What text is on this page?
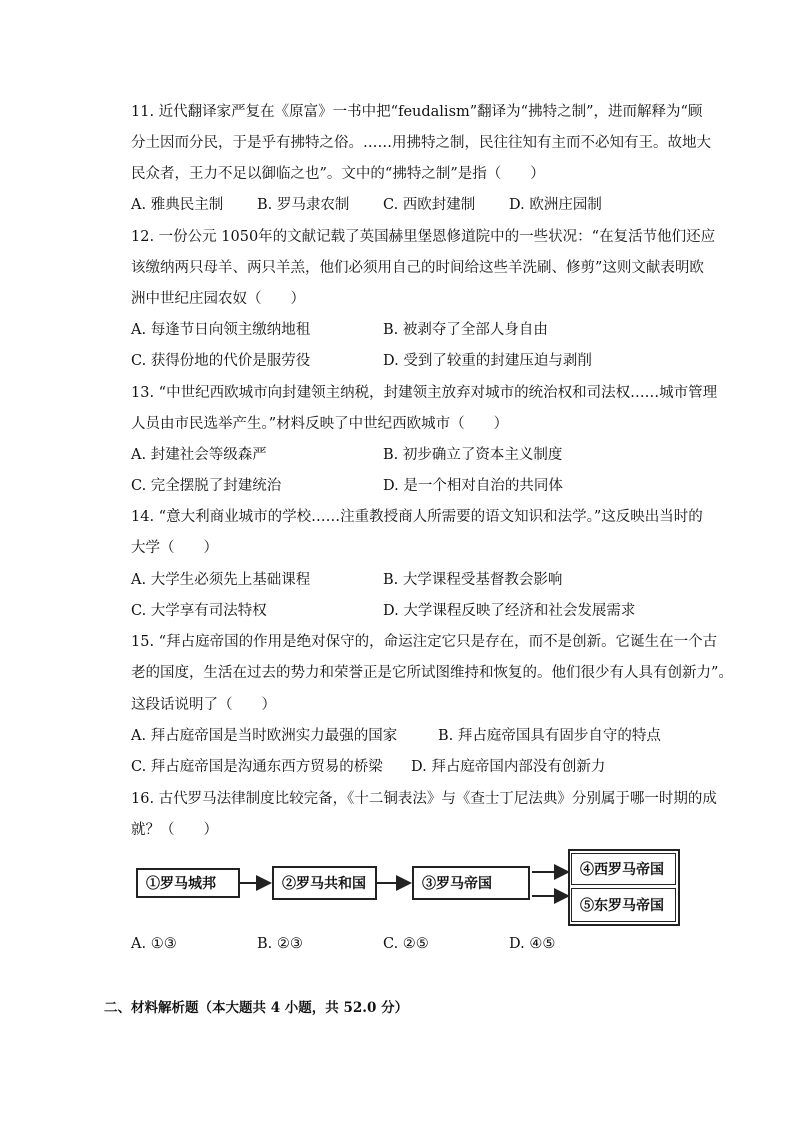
11. 近代翻译家严复在《原富》一书中把“feudalism”翻译为“拂特之制”，进而解释为“顾
分土因而分民，于是乎有拂特之俗。……用拂特之制，民往往知有主而不必知有王。故地大
民众者，王力不足以御临之也”。文中的“拂特之制”是指（　　）
A. 雅典民主制 B. 罗马隶农制 C. 西欧封建制 D. 欧洲庄园制
12. 一份公元 1050年的文献记载了英国赫里堡恩修道院中的一些状况：“在复活节他们还应
该缴纳两只母羊、两只羊羔，他们必须用自己的时间给这些羊洗刷、修剪”这则文献表明欧
洲中世纪庄园农奴（　　）
A. 每逢节日向领主缴纳地租	B. 被剥夺了全部人身自由
C. 获得份地的代价是服劳役	D. 受到了较重的封建压迫与剥削
13. “中世纪西欧城市向封建领主纳税，封建领主放弃对城市的统治权和司法权……城市管理
人员由市民选举产生。”材料反映了中世纪西欧城市（　　）
A. 封建社会等级森严	B. 初步确立了资本主义制度
C. 完全摆脱了封建统治	D. 是一个相对自治的共同体
14. “意大利商业城市的学校……注重教授商人所需要的语文知识和法学。”这反映出当时的
大学（　　）
A. 大学生必须先上基础课程	B. 大学课程受基督教会影响
C. 大学享有司法特权	D. 大学课程反映了经济和社会发展需求
15. “拜占庭帝国的作用是绝对保守的，命运注定它只是存在，而不是创新。它诞生在一个古
老的国度，生活在过去的势力和荣誉正是它所试图维持和恢复的。他们很少有人具有创新力”。
这段话说明了（　　）
A. 拜占庭帝国是当时欧洲实力最强的国家	B. 拜占庭帝国具有固步自守的特点
C. 拜占庭帝国是沟通东西方贸易的桥梁 D. 拜占庭帝国内部没有创新力
16. 古代罗马法律制度比较完备，《十二铜表法》与《查士丁尼法典》分别属于哪一时期的成
就？（　　）
①罗马城邦	②罗马共和国	③罗马帝国
④西罗马帝国
⑤东罗马帝国
A. ①③	B. ②③	C. ②⑤	D. ④⑤
二、材料解析题（本大题共 4 小题，共 52.0 分）
